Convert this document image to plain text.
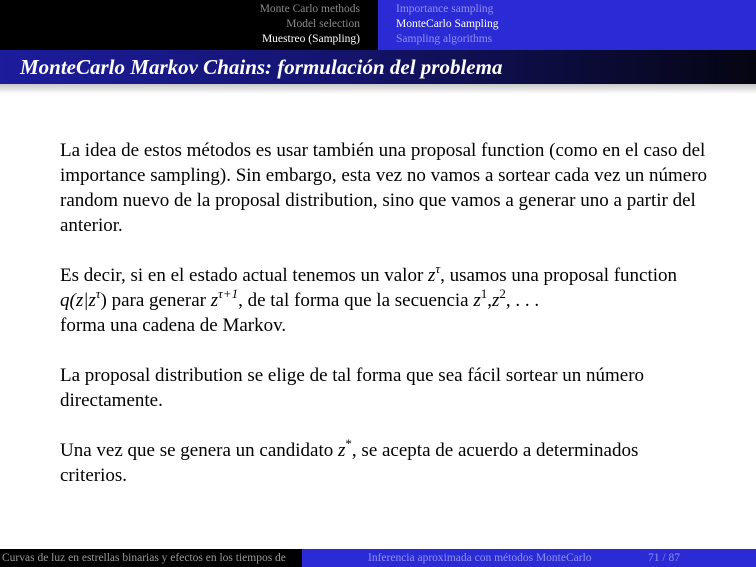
Monte Carlo methods
Model selection
Muestreo (Sampling)
Importance sampling
MonteCarlo Sampling
Sampling algorithms
MonteCarlo Markov Chains: formulación del problema

La idea de estos métodos es usar también una proposal function (como en el caso del importance sampling). Sin embargo, esta vez no vamos a sortear cada vez un número random nuevo de la proposal distribution, sino que vamos a generar uno a partir del anterior.

Es decir, si en el estado actual tenemos un valor $z^\tau$, usamos una proposal function $q(z|z^\tau)$ para generar $z^{\tau+1}$, de tal forma que la secuencia $z^1,z^2$, . . .
forma una cadena de Markov.

La proposal distribution se elige de tal forma que sea fácil sortear un número directamente.

Una vez que se genera un candidato z*, se acepta de acuerdo a determinados criterios.

Curvas de luz en estrellas binarias y efectos en los tiempos de	Inferencia aproximada con métodos MonteCarlo	71 / 87
